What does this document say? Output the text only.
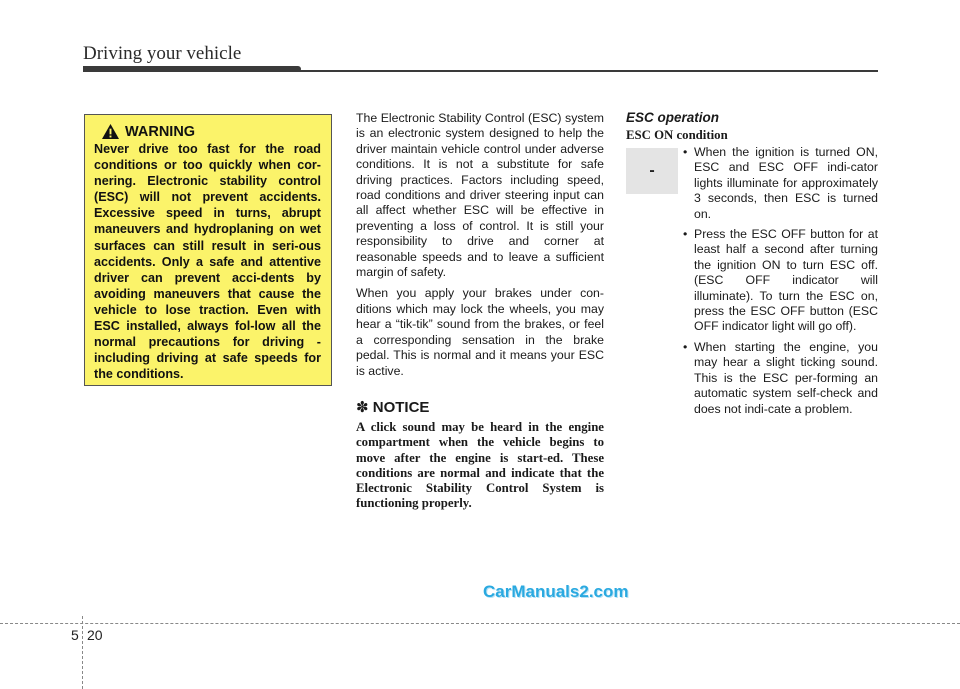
Driving your vehicle
WARNING

Never drive too fast for the road conditions or too quickly when cor-nering. Electronic stability control (ESC) will not prevent accidents. Excessive speed in turns, abrupt maneuvers and hydroplaning on wet surfaces can still result in seri-ous accidents. Only a safe and attentive driver can prevent acci-dents by avoiding maneuvers that cause the vehicle to lose traction. Even with ESC installed, always fol-low all the normal precautions for driving - including driving at safe speeds for the conditions.

The Electronic Stability Control (ESC) system is an electronic system designed to help the driver maintain vehicle control under adverse conditions. It is not a substitute for safe driving practices. Factors including speed, road conditions and driver steering input can all affect whether ESC will be effective in preventing a loss of control. It is still your responsibility to drive and corner at reasonable speeds and to leave a sufficient margin of safety.

When you apply your brakes under con-ditions which may lock the wheels, you may hear a “tik-tik” sound from the brakes, or feel a corresponding sensation in the brake pedal. This is normal and it means your ESC is active.

✽ NOTICE

A click sound may be heard in the engine compartment when the vehicle begins to move after the engine is start-ed. These conditions are normal and indicate that the Electronic Stability Control System is functioning properly.

ESC operation
ESC ON condition
-
• When the ignition is turned ON, ESC and ESC OFF indi-cator lights illuminate for approximately 3 seconds, then ESC is turned on.
• Press the ESC OFF button for at least half a second after turning the ignition ON to turn ESC off. (ESC OFF indicator will illuminate). To turn the ESC on, press the ESC OFF button (ESC OFF indicator light will go off).
• When starting the engine, you may hear a slight ticking sound. This is the ESC per-forming an automatic system self-check and does not indi-cate a problem.
CarManuals2.com
5 20
